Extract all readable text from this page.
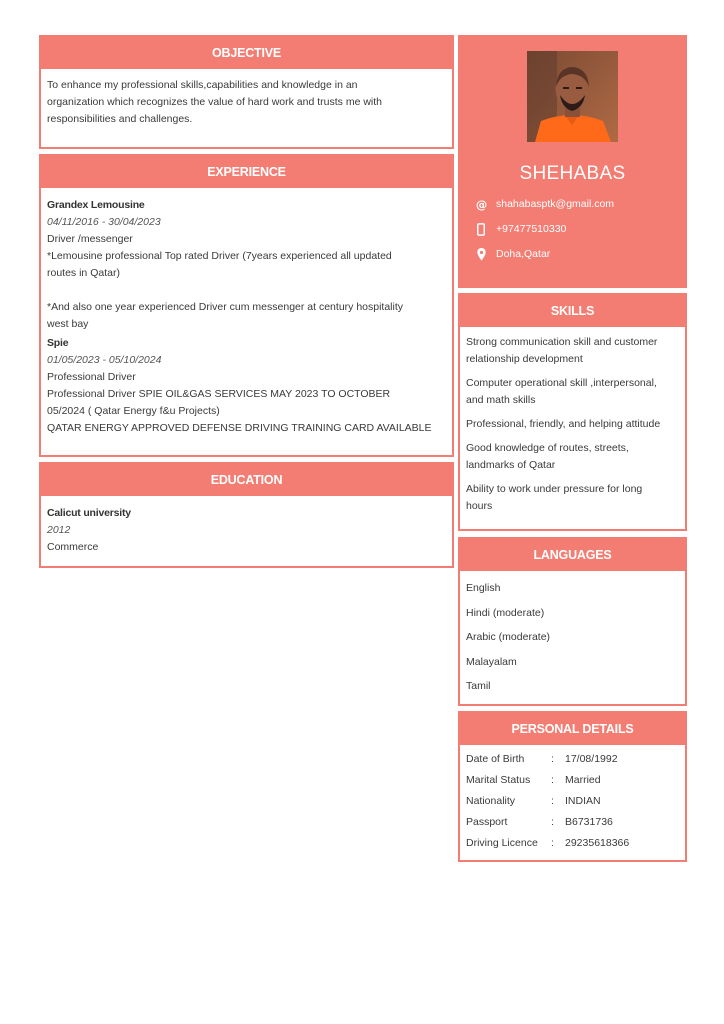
OBJECTIVE
To enhance my professional skills,capabilities and knowledge in an
organization which recognizes the value of hard work and trusts me with
responsibilities and challenges.
EXPERIENCE
Grandex Lemousine
04/11/2016 - 30/04/2023
Driver /messenger
*Lemousine professional Top rated Driver (7years experienced all updated
routes in Qatar)
*And also one year experienced Driver cum messenger at century hospitality
west bay
Spie
01/05/2023 - 05/10/2024
Professional Driver
Professional Driver SPIE OIL&GAS SERVICES MAY 2023 TO OCTOBER
05/2024 ( Qatar Energy f&u Projects)
QATAR ENERGY APPROVED DEFENSE DRIVING TRAINING CARD AVAILABLE
EDUCATION
Calicut university
2012
Commerce
SHEHABAS
@ shahabasptk@gmail.com
+97477510330
Doha,Qatar
SKILLS
Strong communication skill and customer
relationship development
Computer operational skill ,interpersonal,
and math skills
Professional, friendly, and helping attitude
Good knowledge of routes, streets,
landmarks of Qatar
Ability to work under pressure for long
hours
LANGUAGES
English
Hindi (moderate)
Arabic (moderate)
Malayalam
Tamil
PERSONAL DETAILS
Date of Birth	:	17/08/1992
Marital Status	:	Married
Nationality	:	INDIAN
Passport	:	B6731736
Driving Licence	:	29235618366
